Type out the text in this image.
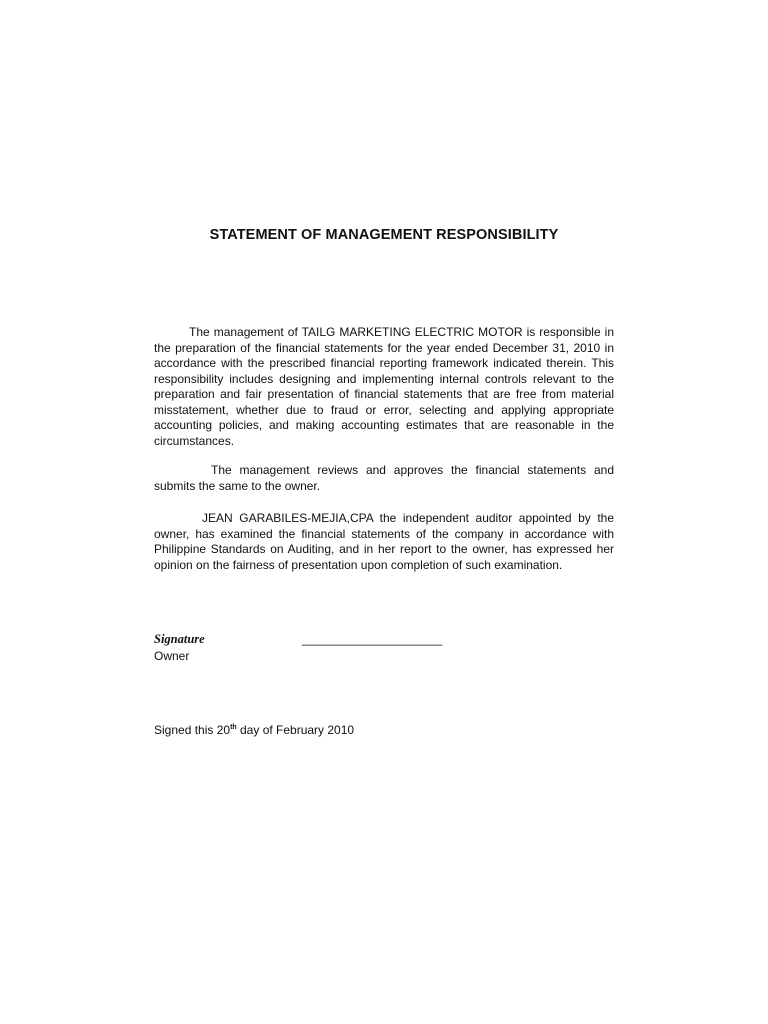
STATEMENT OF MANAGEMENT RESPONSIBILITY

The management of TAILG MARKETING ELECTRIC MOTOR is responsible in the preparation of the financial statements for the year ended December 31, 2010 in accordance with the prescribed financial reporting framework indicated therein. This responsibility includes designing and implementing internal controls relevant to the preparation and fair presentation of financial statements that are free from material misstatement, whether due to fraud or error, selecting and applying appropriate accounting policies, and making accounting estimates that are reasonable in the circumstances.

The management reviews and approves the financial statements and submits the same to the owner.

JEAN GARABILES-MEJIA,CPA the independent auditor appointed by the owner, has examined the financial statements of the company in accordance with Philippine Standards on Auditing, and in her report to the owner, has expressed her opinion on the fairness of presentation upon completion of such examination.

Signature	_____________________
Owner
Signed this 20th day of February 2010
